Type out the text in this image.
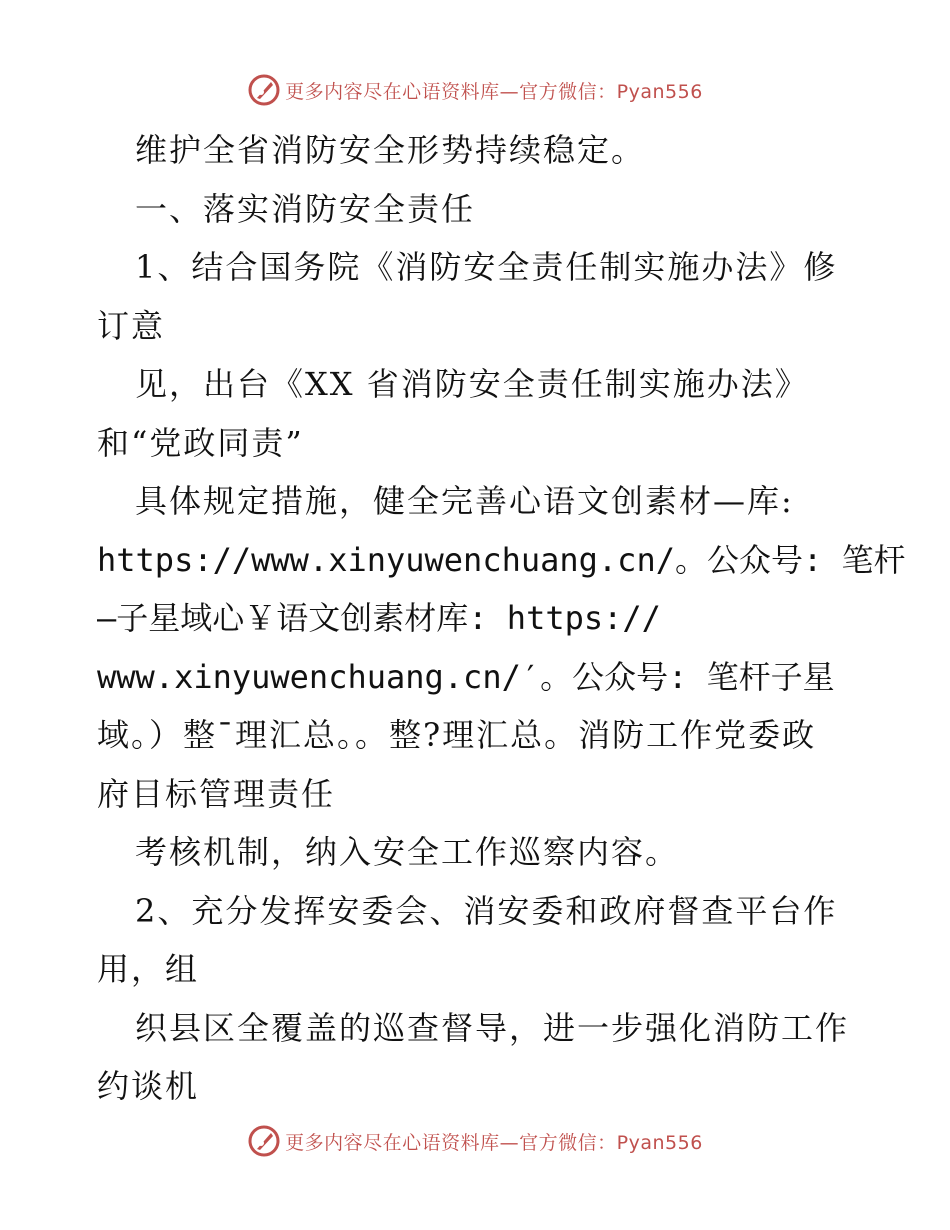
更多内容尽在心语资料库—官方微信：Pyan556
维护全省消防安全形势持续稳定。
一、落实消防安全责任
1、结合国务院《消防安全责任制实施办法》修
订意
见，出台《XX 省消防安全责任制实施办法》
和“党政同责”
具体规定措施，健全完善心语文创素材—库:
https://www.xinyuwenchuang.cn/。公众号: 笔杆
—子星域心￥语文创素材库: https://
www.xinyuwenchuang.cn/′。公众号: 笔杆子星
域。）整¯理汇总。。整?理汇总。消防工作党委政
府目标管理责任
考核机制，纳入安全工作巡察内容。
2、充分发挥安委会、消安委和政府督查平台作
用，组
织县区全覆盖的巡查督导，进一步强化消防工作
约谈机
更多内容尽在心语资料库—官方微信：Pyan556
